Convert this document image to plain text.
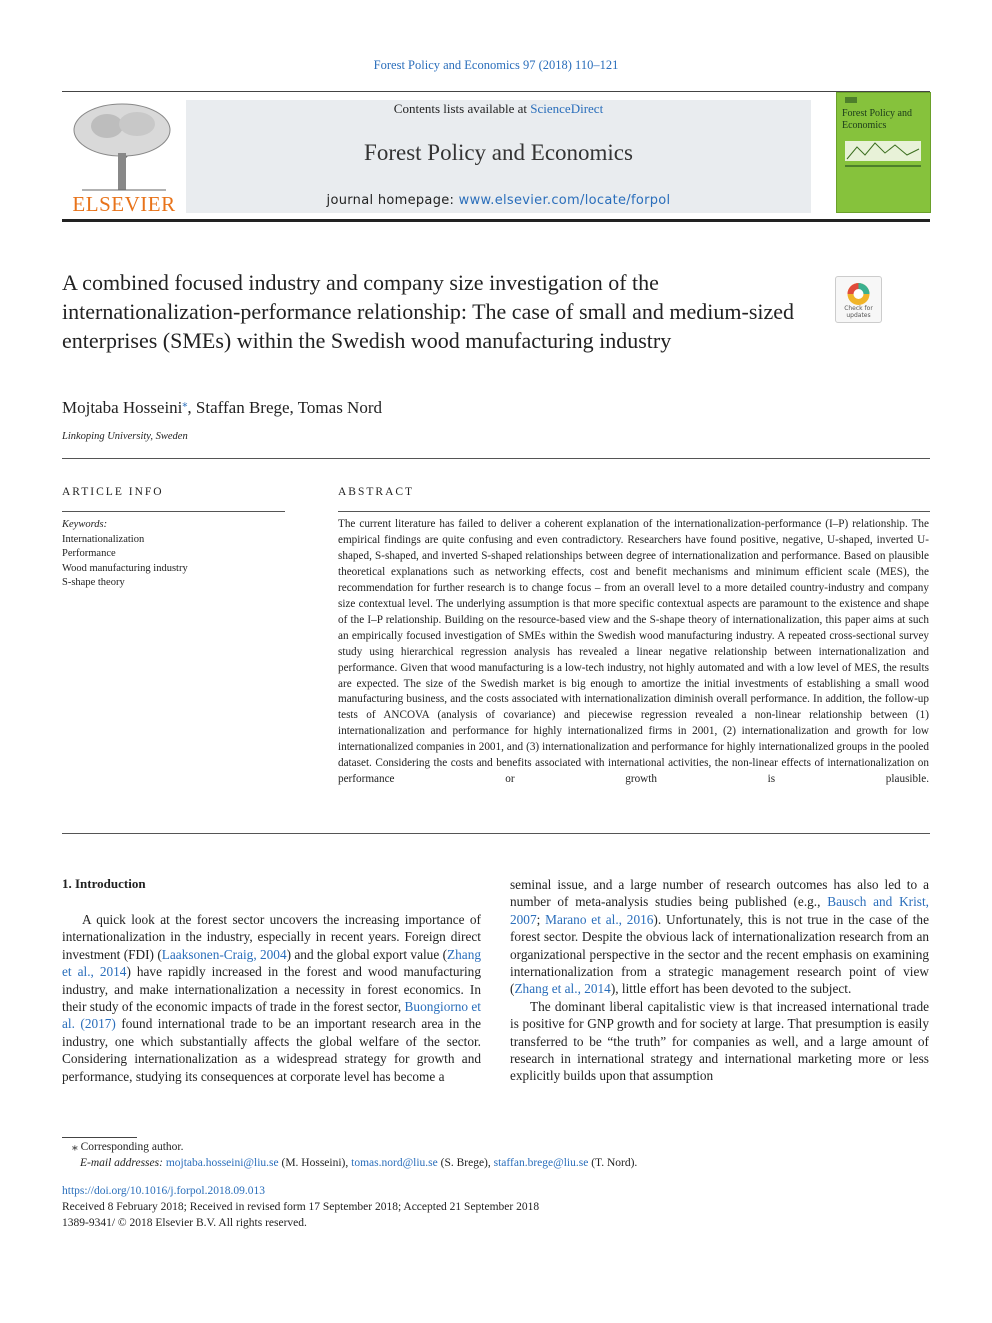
Forest Policy and Economics 97 (2018) 110–121
ELSEVIER
Contents lists available at ScienceDirect
Forest Policy and Economics
journal homepage: www.elsevier.com/locate/forpol
Forest Policy and Economics
A combined focused industry and company size investigation of the internationalization-performance relationship: The case of small and medium-sized enterprises (SMEs) within the Swedish wood manufacturing industry
Check for updates
Mojtaba Hosseini⁎, Staffan Brege, Tomas Nord
Linkoping University, Sweden
ARTICLE INFO
Keywords:
Internationalization
Performance
Wood manufacturing industry
S-shape theory
ABSTRACT
The current literature has failed to deliver a coherent explanation of the internationalization-performance (I–P) relationship. The empirical findings are quite confusing and even contradictory. Researchers have found positive, negative, U-shaped, inverted U-shaped, S-shaped, and inverted S-shaped relationships between degree of internationalization and performance. Based on plausible theoretical explanations such as networking effects, cost and benefit mechanisms and minimum efficient scale (MES), the recommendation for further research is to change focus – from an overall level to a more detailed country-industry and company size contextual level. The underlying assumption is that more specific contextual aspects are paramount to the existence and shape of the I–P relationship. Building on the resource-based view and the S-shape theory of internationalization, this paper aims at such an empirically focused investigation of SMEs within the Swedish wood manufacturing industry. A repeated cross-sectional survey study using hierarchical regression analysis has revealed a linear negative relationship between internationalization and performance. Given that wood manufacturing is a low-tech industry, not highly automated and with a low level of MES, the results are expected. The size of the Swedish market is big enough to amortize the initial investments of establishing a small wood manufacturing business, and the costs associated with internationalization diminish overall performance. In addition, the follow-up tests of ANCOVA (analysis of covariance) and piecewise regression revealed a non-linear relationship between (1) internationalization and performance for highly internationalized firms in 2001, (2) internationalization and growth for low internationalized companies in 2001, and (3) internationalization and performance for highly internationalized groups in the pooled dataset. Considering the costs and benefits associated with international activities, the non-linear effects of internationalization on performance or growth is plausible.
1. Introduction

A quick look at the forest sector uncovers the increasing importance of internationalization in the industry, especially in recent years. Foreign direct investment (FDI) (Laaksonen-Craig, 2004) and the global export value (Zhang et al., 2014) have rapidly increased in the forest and wood manufacturing industry, and make internationalization a necessity in forest economics. In their study of the economic impacts of trade in the forest sector, Buongiorno et al. (2017) found international trade to be an important research area in the industry, one which substantially affects the global welfare of the sector. Considering internationalization as a widespread strategy for growth and performance, studying its consequences at corporate level has become a

seminal issue, and a large number of research outcomes has also led to a number of meta-analysis studies being published (e.g., Bausch and Krist, 2007; Marano et al., 2016). Unfortunately, this is not true in the case of the forest sector. Despite the obvious lack of internationalization research from an organizational perspective in the sector and the recent emphasis on examining internationalization from a strategic management research point of view (Zhang et al., 2014), little effort has been devoted to the subject.

The dominant liberal capitalistic view is that increased international trade is positive for GNP growth and for society at large. That presumption is easily transferred to be “the truth” for companies as well, and a large amount of research in international strategy and international marketing more or less explicitly builds upon that assumption

⁎ Corresponding author.
E-mail addresses: mojtaba.hosseini@liu.se (M. Hosseini), tomas.nord@liu.se (S. Brege), staffan.brege@liu.se (T. Nord).
https://doi.org/10.1016/j.forpol.2018.09.013
Received 8 February 2018; Received in revised form 17 September 2018; Accepted 21 September 2018
1389-9341/ © 2018 Elsevier B.V. All rights reserved.
